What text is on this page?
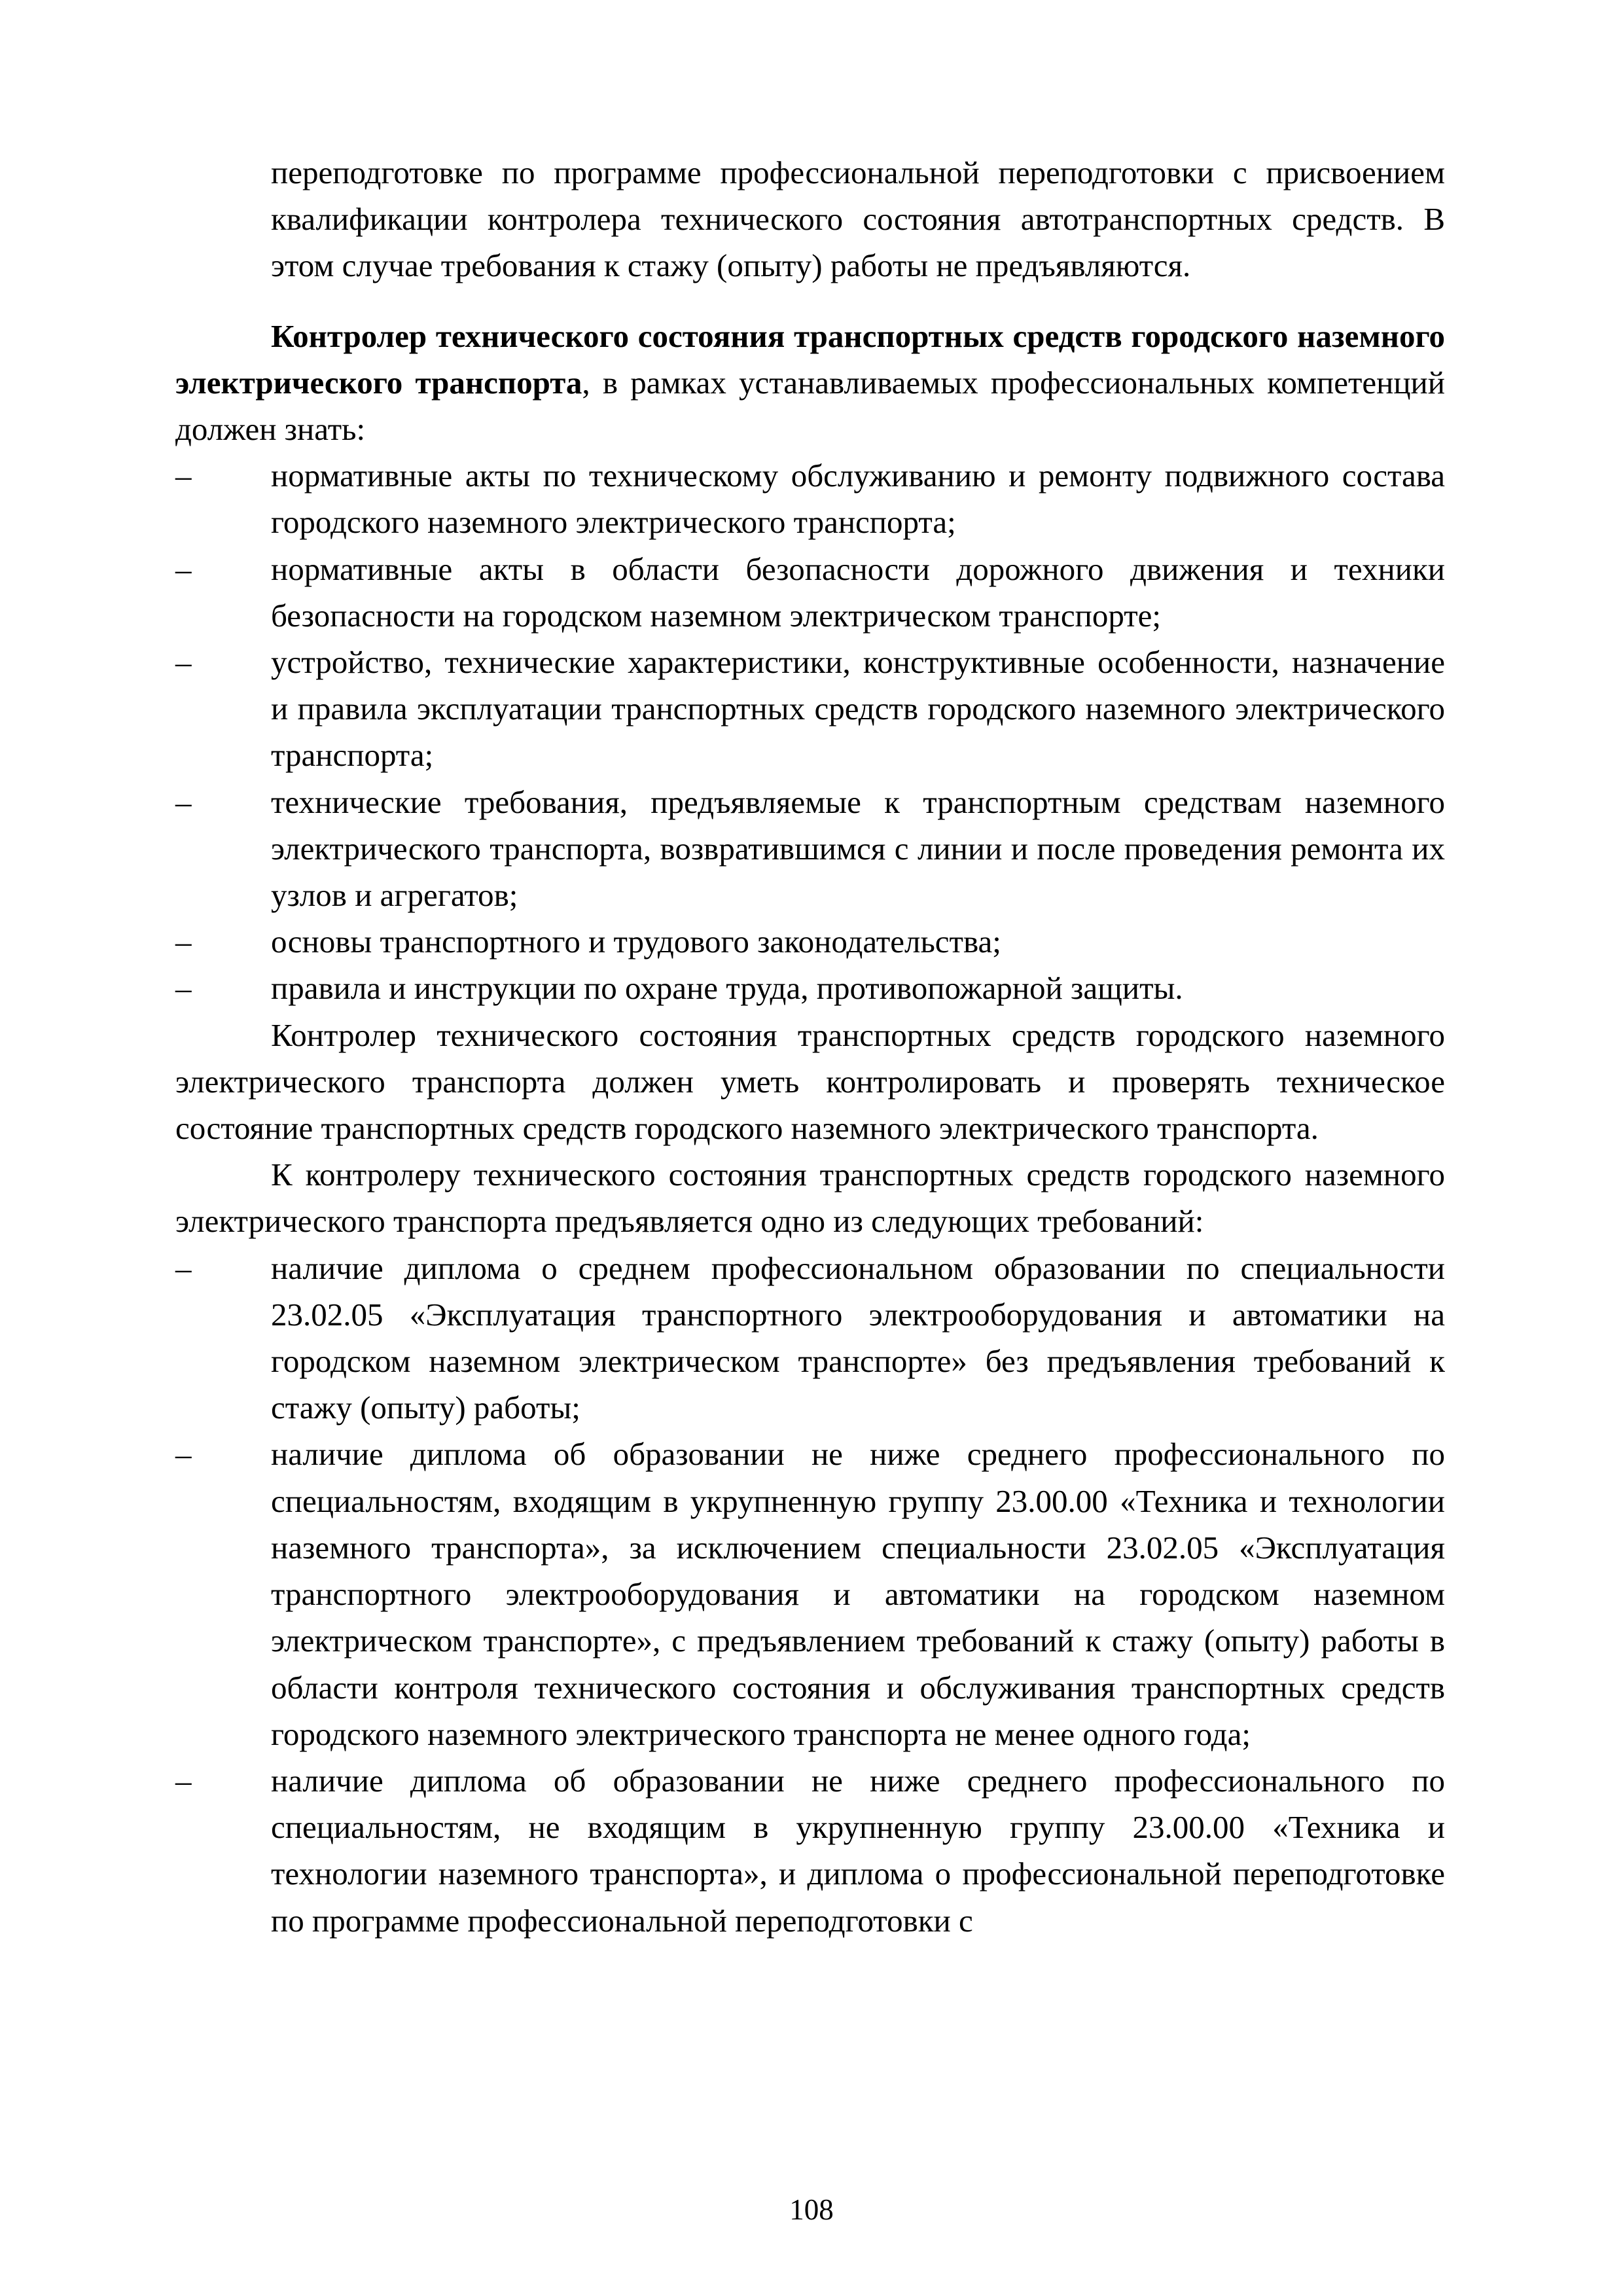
переподготовке по программе профессиональной переподготовки с присвоением квалификации контролера технического состояния автотранспортных средств. В этом случае требования к стажу (опыту) работы не предъявляются.

Контролер технического состояния транспортных средств городского наземного электрического транспорта, в рамках устанавливаемых профессиональных компетенций должен знать:

– нормативные акты по техническому обслуживанию и ремонту подвижного состава городского наземного электрического транспорта;
– нормативные акты в области безопасности дорожного движения и техники безопасности на городском наземном электрическом транспорте;
– устройство, технические характеристики, конструктивные особенности, назначение и правила эксплуатации транспортных средств городского наземного электрического транспорта;
– технические требования, предъявляемые к транспортным средствам наземного электрического транспорта, возвратившимся с линии и после проведения ремонта их узлов и агрегатов;
– основы транспортного и трудового законодательства;
– правила и инструкции по охране труда, противопожарной защиты.

Контролер технического состояния транспортных средств городского наземного электрического транспорта должен уметь контролировать и проверять техническое состояние транспортных средств городского наземного электрического транспорта.

К контролеру технического состояния транспортных средств городского наземного электрического транспорта предъявляется одно из следующих требований:

– наличие диплома о среднем профессиональном образовании по специальности 23.02.05 «Эксплуатация транспортного электрооборудования и автоматики на городском наземном электрическом транспорте» без предъявления требований к стажу (опыту) работы;
– наличие диплома об образовании не ниже среднего профессионального по специальностям, входящим в укрупненную группу 23.00.00 «Техника и технологии наземного транспорта», за исключением специальности 23.02.05 «Эксплуатация транспортного электрооборудования и автоматики на городском наземном электрическом транспорте», с предъявлением требований к стажу (опыту) работы в области контроля технического состояния и обслуживания транспортных средств городского наземного электрического транспорта не менее одного года;
– наличие диплома об образовании не ниже среднего профессионального по специальностям, не входящим в укрупненную группу 23.00.00 «Техника и технологии наземного транспорта», и диплома о профессиональной переподготовке по программе профессиональной переподготовки с
108
